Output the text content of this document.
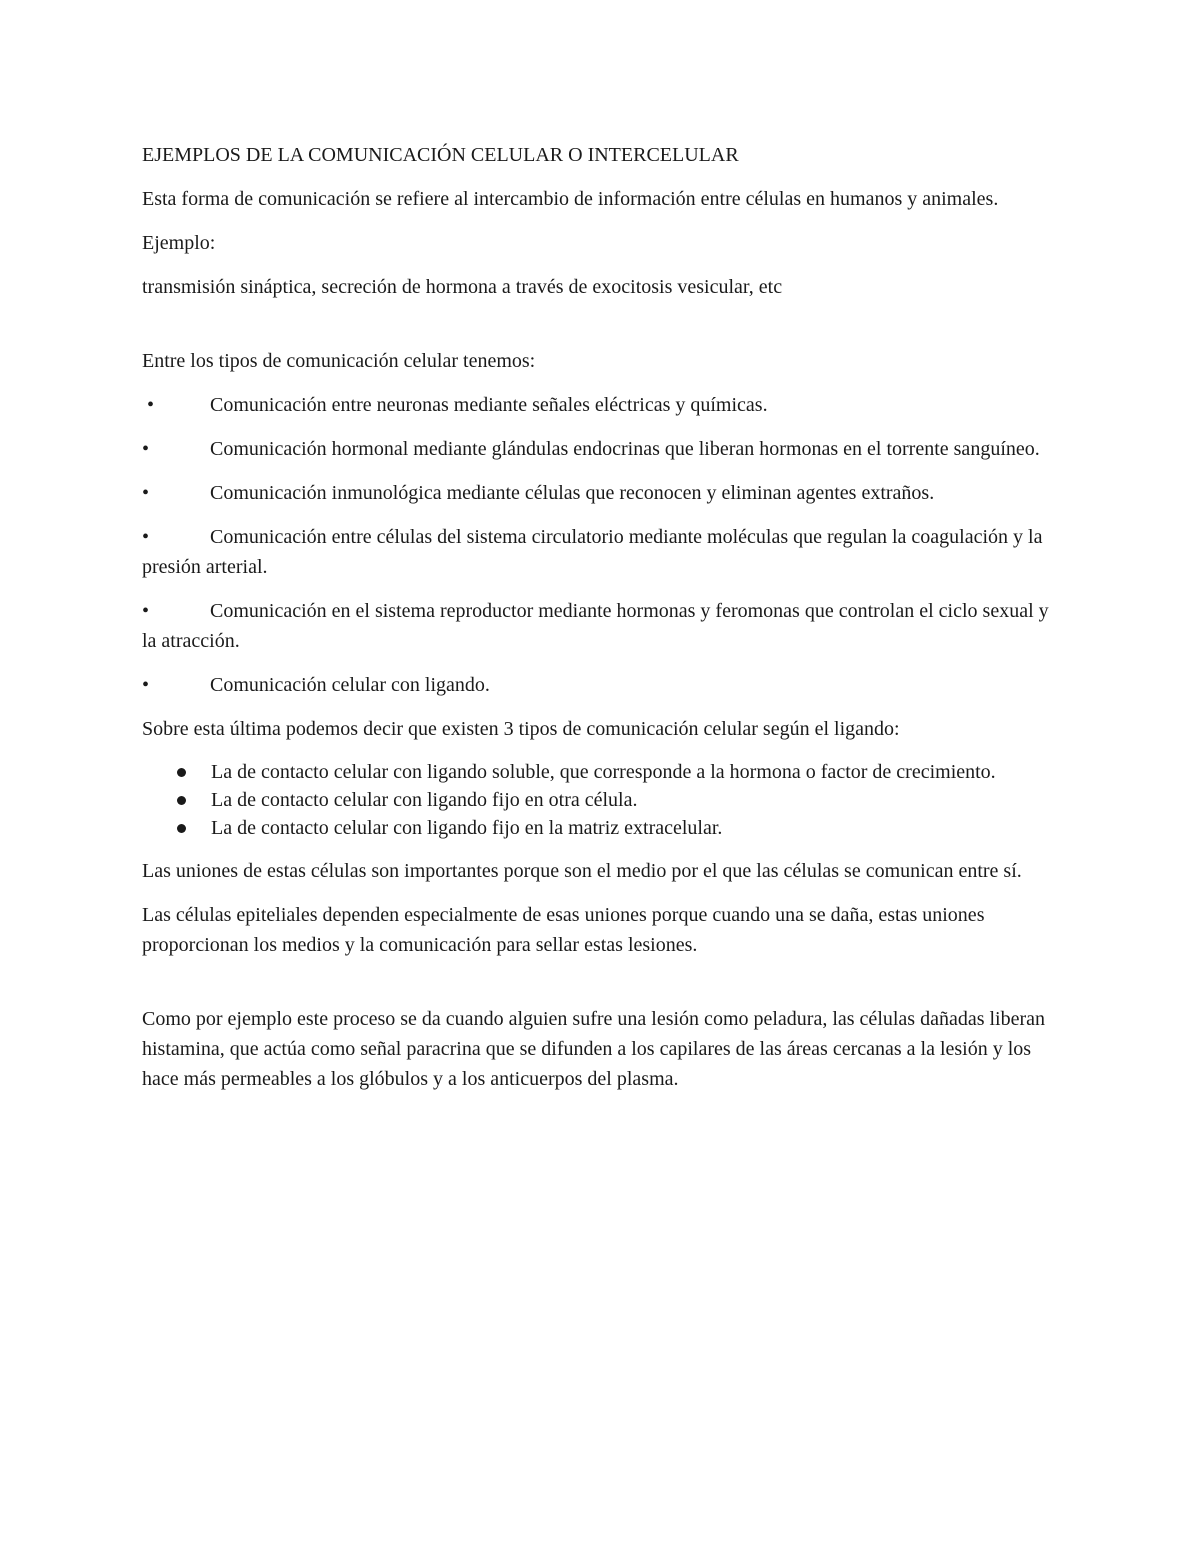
EJEMPLOS DE LA COMUNICACIÓN CELULAR O INTERCELULAR

Esta forma de comunicación se refiere al intercambio de información entre células en humanos y animales.

Ejemplo:

transmisión sináptica, secreción de hormona a través de exocitosis vesicular, etc

Entre los tipos de comunicación celular tenemos:

•	Comunicación entre neuronas mediante señales eléctricas y químicas.
•	Comunicación hormonal mediante glándulas endocrinas que liberan hormonas en el torrente sanguíneo.
•	Comunicación inmunológica mediante células que reconocen y eliminan agentes extraños.
•	Comunicación entre células del sistema circulatorio mediante moléculas que regulan la coagulación y la presión arterial.
•	Comunicación en el sistema reproductor mediante hormonas y feromonas que controlan el ciclo sexual y la atracción.
•	Comunicación celular con ligando.

Sobre esta última podemos decir que existen 3 tipos de comunicación celular según el ligando:

La de contacto celular con ligando soluble, que corresponde a la hormona o factor de crecimiento.
La de contacto celular con ligando fijo en otra célula.
La de contacto celular con ligando fijo en la matriz extracelular.

Las uniones de estas células son importantes porque son el medio por el que las células se comunican entre sí.

Las células epiteliales dependen especialmente de esas uniones porque cuando una se daña, estas uniones proporcionan los medios y la comunicación para sellar estas lesiones.

Como por ejemplo este proceso se da cuando alguien sufre una lesión como peladura, las células dañadas liberan histamina, que actúa como señal paracrina que se difunden a los capilares de las áreas cercanas a la lesión y los hace más permeables a los glóbulos y a los anticuerpos del plasma.
